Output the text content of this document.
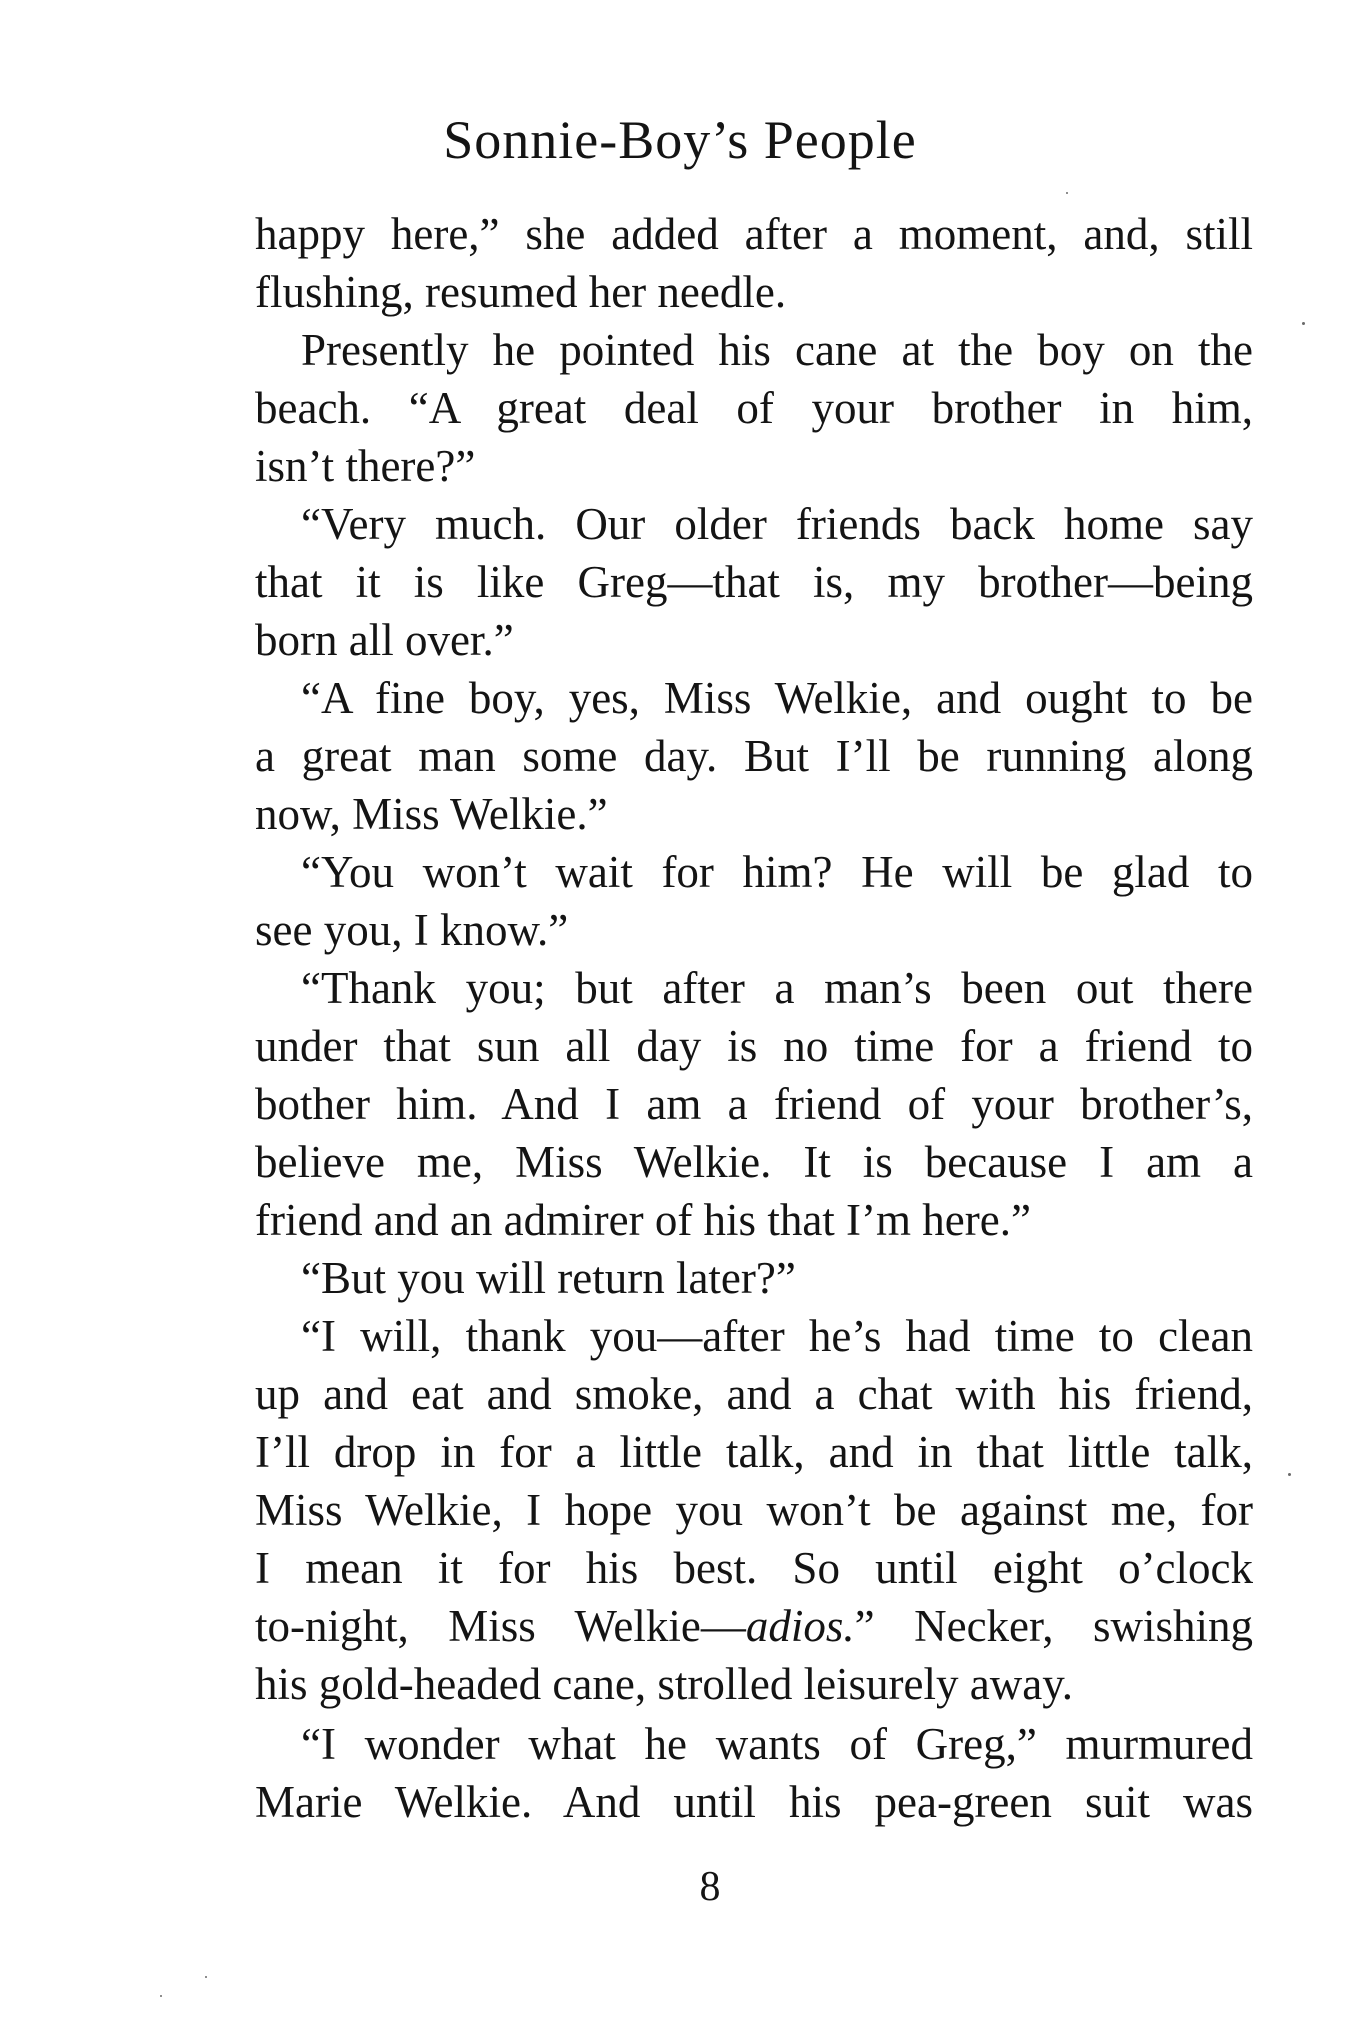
Sonnie-Boy’s People
happy here,” she added after a moment, and, still
flushing, resumed her needle.
Presently he pointed his cane at the boy on the
beach. “A great deal of your brother in him,
isn’t there?”
“Very much. Our older friends back home say
that it is like Greg—that is, my brother—being
born all over.”
“A fine boy, yes, Miss Welkie, and ought to be
a great man some day. But I’ll be running along
now, Miss Welkie.”
“You won’t wait for him? He will be glad to
see you, I know.”
“Thank you; but after a man’s been out there
under that sun all day is no time for a friend to
bother him. And I am a friend of your brother’s,
believe me, Miss Welkie. It is because I am a
friend and an admirer of his that I’m here.”
“But you will return later?”
“I will, thank you—after he’s had time to clean
up and eat and smoke, and a chat with his friend,
I’ll drop in for a little talk, and in that little talk,
Miss Welkie, I hope you won’t be against me, for
I mean it for his best. So until eight o’clock
to-night, Miss Welkie—adios.” Necker, swishing
his gold-headed cane, strolled leisurely away.
“I wonder what he wants of Greg,” murmured
Marie Welkie. And until his pea-green suit was
8
